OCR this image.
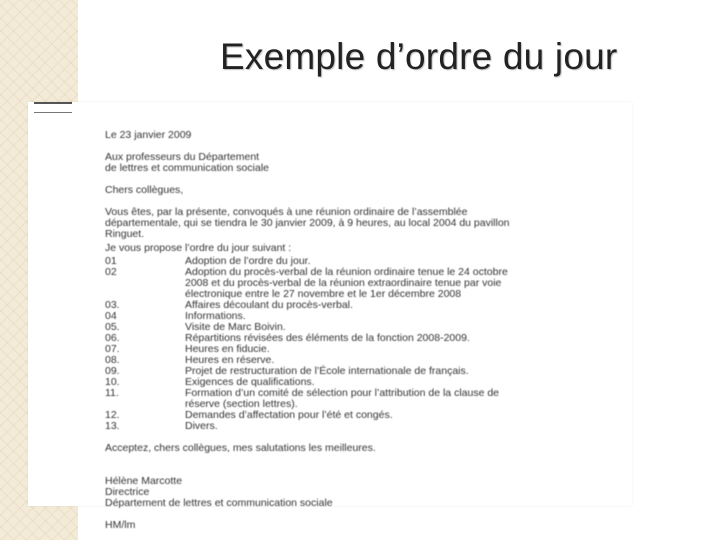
Exemple d’ordre du jour
Le 23 janvier 2009
Aux professeurs du Département
de lettres et communication sociale
Chers collègues,
Vous êtes, par la présente, convoqués à une réunion ordinaire de l’assemblée
départementale, qui se tiendra le 30 janvier 2009, à 9 heures, au local 2004 du pavillon
Ringuet.
Je vous propose l’ordre du jour suivant :
01	Adoption de l’ordre du jour.
02	Adoption du procès-verbal de la réunion ordinaire tenue le 24 octobre
2008 et du procès-verbal de la réunion extraordinaire tenue par voie
électronique entre le 27 novembre et le 1er décembre 2008
03.	Affaires découlant du procès-verbal.
04	Informations.
05.	Visite de Marc Boivin.
06.	Répartitions révisées des éléments de la fonction 2008-2009.
07.	Heures en fiducie.
08.	Heures en réserve.
09.	Projet de restructuration de l’École internationale de français.
10.	Exigences de qualifications.
11.	Formation d’un comité de sélection pour l’attribution de la clause de
réserve (section lettres).
12.	Demandes d’affectation pour l’été et congés.
13.	Divers.
Acceptez, chers collègues, mes salutations les meilleures.
Hélène Marcotte
Directrice
Département de lettres et communication sociale
HM/lm
